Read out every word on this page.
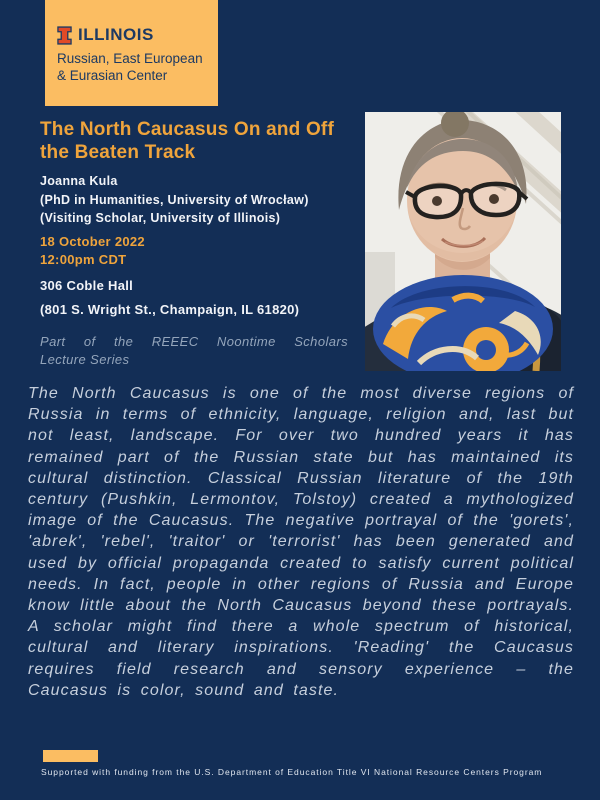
ILLINOIS
Russian, East European
& Eurasian Center
The North Caucasus On and Off
the Beaten Track
Joanna Kula
(PhD in Humanities, University of Wrocław)
(Visiting Scholar, University of Illinois)
18 October 2022
12:00pm CDT
306 Coble Hall
(801 S. Wright St., Champaign, IL 61820)
Part of the REEEC Noontime Scholars
Lecture Series
The North Caucasus is one of the most diverse regions of Russia in terms of ethnicity, language, religion and, last but not least, landscape. For over two hundred years it has remained part of the Russian state but has maintained its cultural distinction. Classical Russian literature of the 19th century (Pushkin, Lermontov, Tolstoy) created a mythologized image of the Caucasus. The negative portrayal of the 'gorets', 'abrek', 'rebel', 'traitor' or 'terrorist' has been generated and used by official propaganda created to satisfy current political needs. In fact, people in other regions of Russia and Europe know little about the North Caucasus beyond these portrayals. A scholar might find there a whole spectrum of historical, cultural and literary inspirations. 'Reading' the Caucasus requires field research and sensory experience – the Caucasus is color, sound and taste.
Supported with funding from the U.S. Department of Education Title VI National Resource Centers Program
